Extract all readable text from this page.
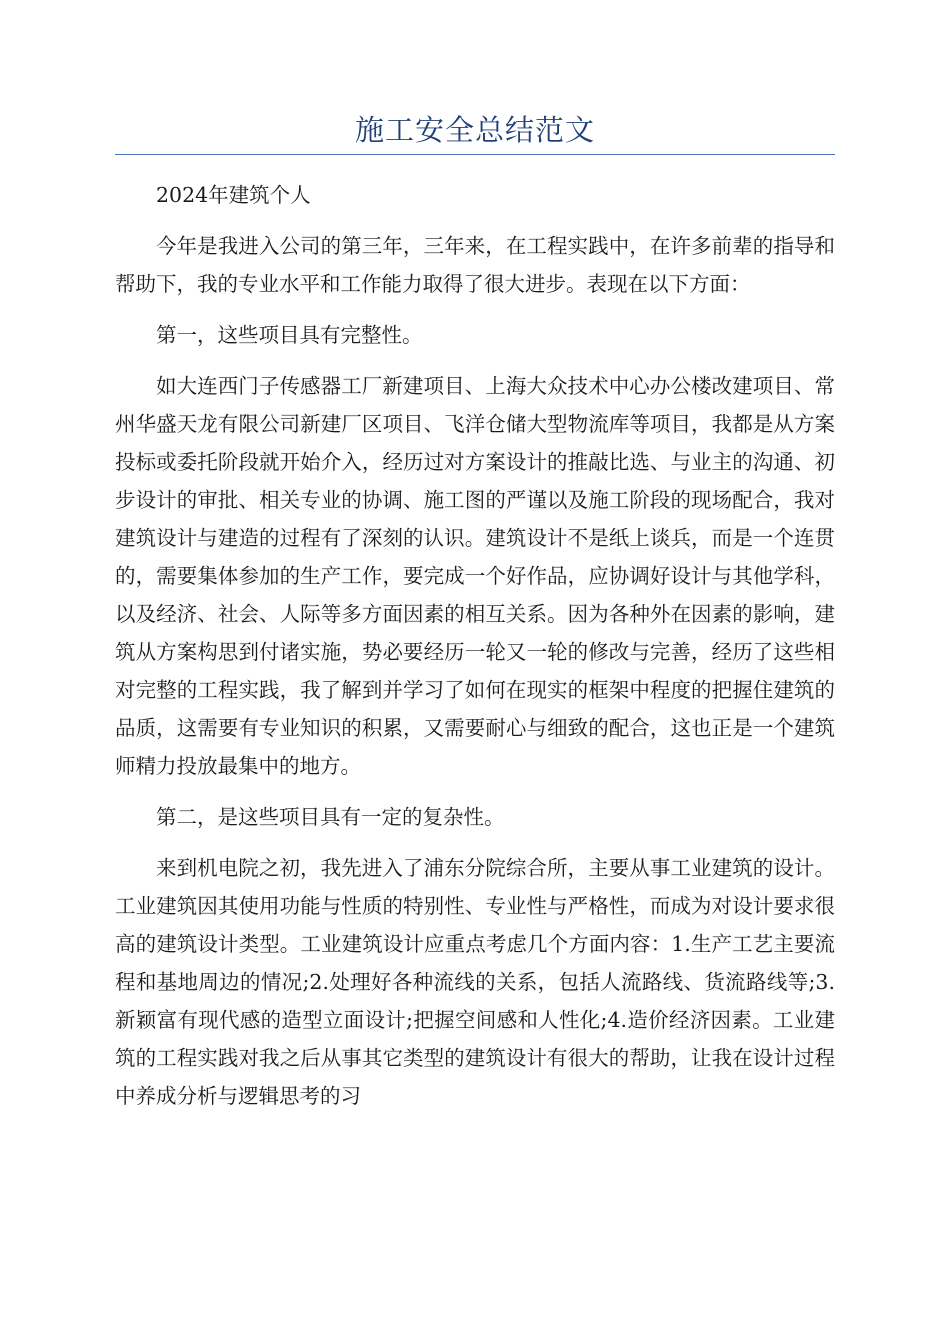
施工安全总结范文

2024年建筑个人

今年是我进入公司的第三年，三年来，在工程实践中，在许多前辈的指导和帮助下，我的专业水平和工作能力取得了很大进步。表现在以下方面：

第一，这些项目具有完整性。

如大连西门子传感器工厂新建项目、上海大众技术中心办公楼改建项目、常州华盛天龙有限公司新建厂区项目、飞洋仓储大型物流库等项目，我都是从方案投标或委托阶段就开始介入，经历过对方案设计的推敲比选、与业主的沟通、初步设计的审批、相关专业的协调、施工图的严谨以及施工阶段的现场配合，我对建筑设计与建造的过程有了深刻的认识。建筑设计不是纸上谈兵，而是一个连贯的，需要集体参加的生产工作，要完成一个好作品，应协调好设计与其他学科，以及经济、社会、人际等多方面因素的相互关系。因为各种外在因素的影响，建筑从方案构思到付诸实施，势必要经历一轮又一轮的修改与完善，经历了这些相对完整的工程实践，我了解到并学习了如何在现实的框架中程度的把握住建筑的品质，这需要有专业知识的积累，又需要耐心与细致的配合，这也正是一个建筑师精力投放最集中的地方。

第二，是这些项目具有一定的复杂性。

来到机电院之初，我先进入了浦东分院综合所，主要从事工业建筑的设计。工业建筑因其使用功能与性质的特别性、专业性与严格性，而成为对设计要求很高的建筑设计类型。工业建筑设计应重点考虑几个方面内容：1.生产工艺主要流程和基地周边的情况;2.处理好各种流线的关系，包括人流路线、货流路线等;3.新颖富有现代感的造型立面设计;把握空间感和人性化;4.造价经济因素。工业建筑的工程实践对我之后从事其它类型的建筑设计有很大的帮助，让我在设计过程中养成分析与逻辑思考的习
